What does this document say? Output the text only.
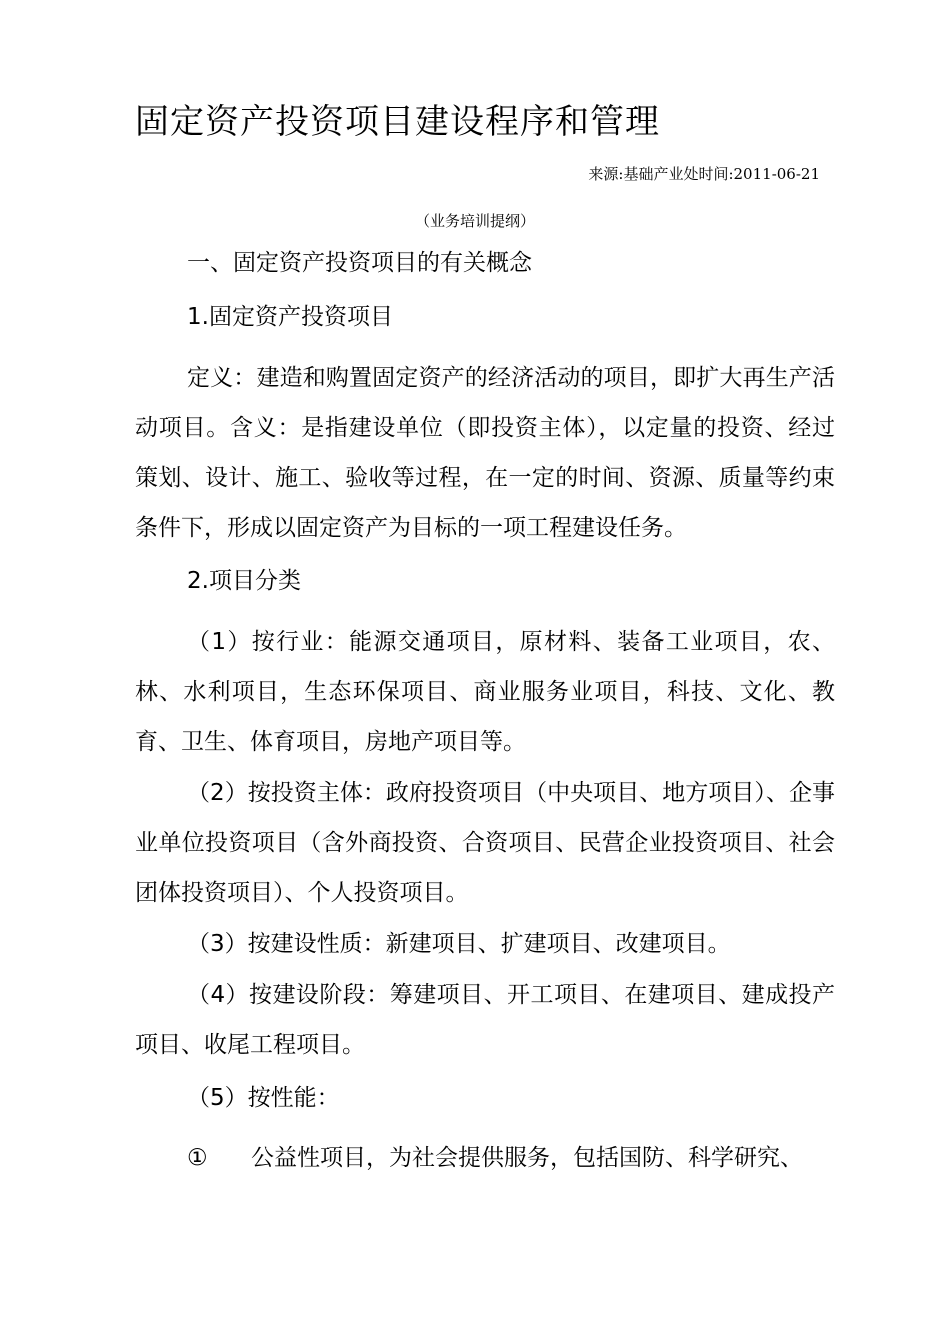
固定资产投资项目建设程序和管理
来源:基础产业处时间:2011-06-21
（业务培训提纲）
一、固定资产投资项目的有关概念
1.固定资产投资项目
定义：建造和购置固定资产的经济活动的项目，即扩大再生产活动项目。含义：是指建设单位（即投资主体），以定量的投资、经过策划、设计、施工、验收等过程，在一定的时间、资源、质量等约束条件下，形成以固定资产为目标的一项工程建设任务。
2.项目分类
（1）按行业：能源交通项目，原材料、装备工业项目，农、林、水利项目，生态环保项目、商业服务业项目，科技、文化、教育、卫生、体育项目，房地产项目等。
（2）按投资主体：政府投资项目（中央项目、地方项目）、企事业单位投资项目（含外商投资、合资项目、民营企业投资项目、社会团体投资项目）、个人投资项目。
（3）按建设性质：新建项目、扩建项目、改建项目。
（4）按建设阶段：筹建项目、开工项目、在建项目、建成投产项目、收尾工程项目。
（5）按性能：
① 公益性项目，为社会提供服务，包括国防、科学研究、
